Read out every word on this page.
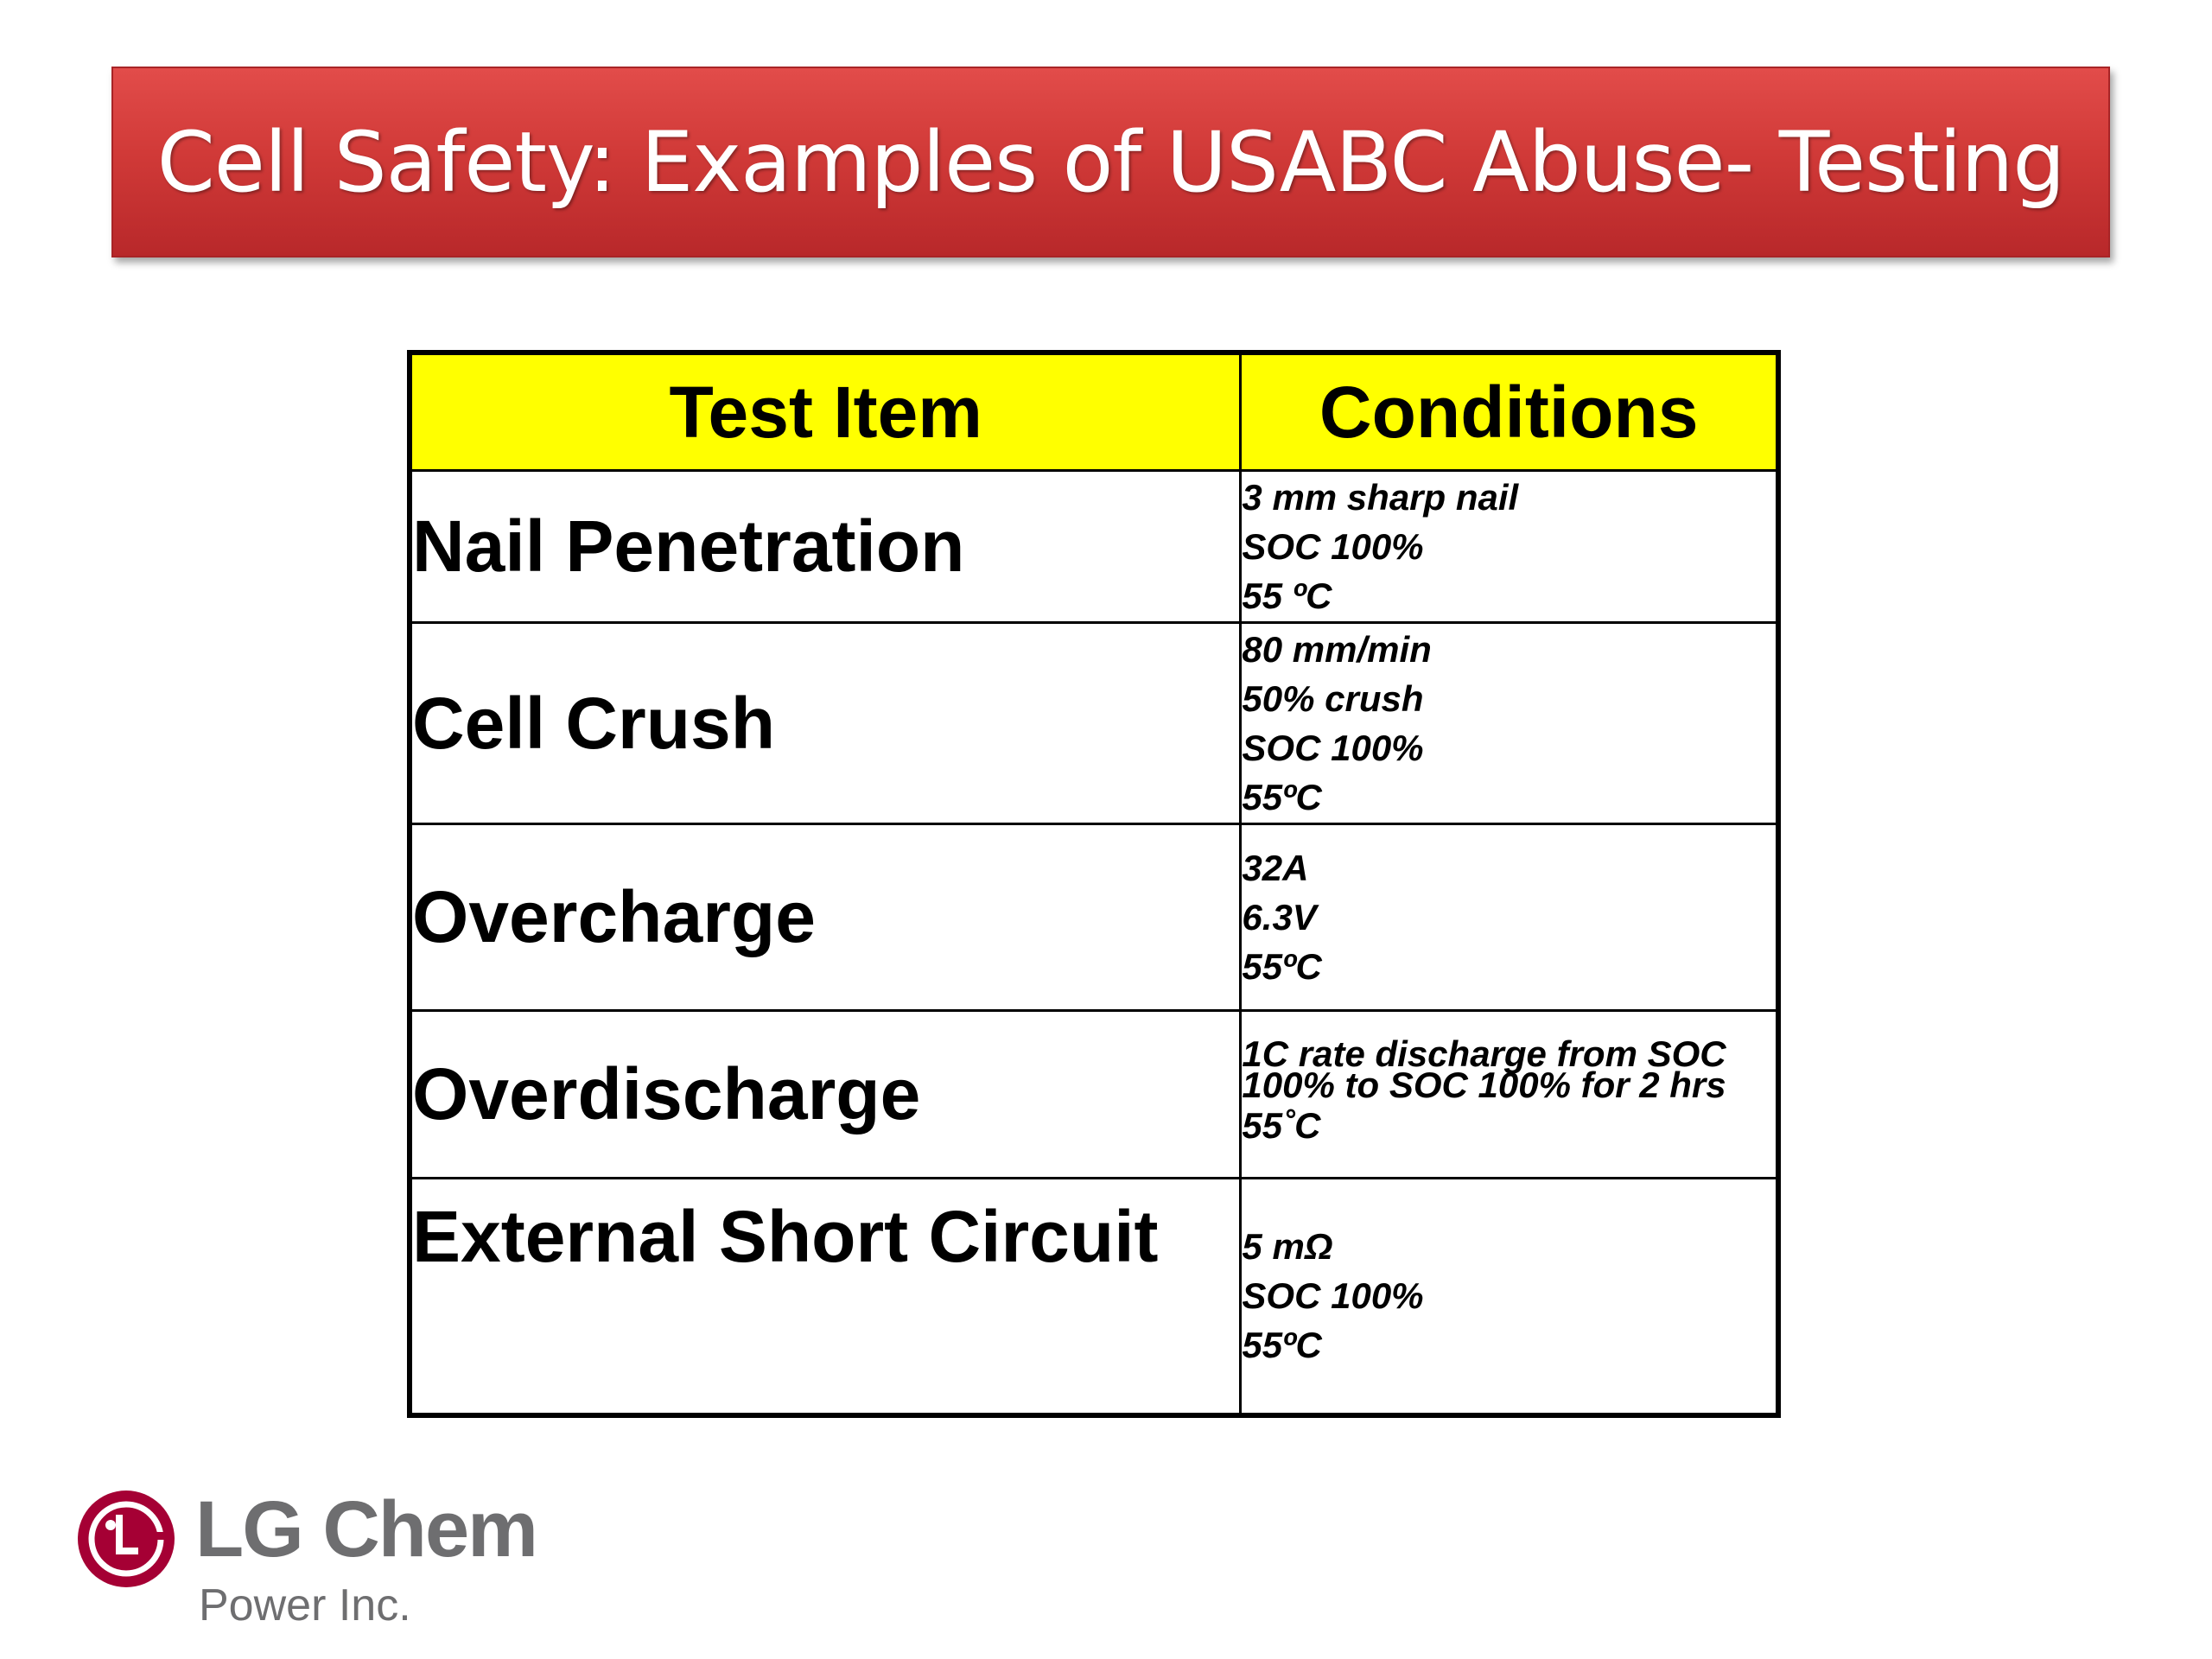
Cell Safety: Examples of USABC Abuse- Testing
Test Item	Conditions
Nail Penetration	3 mm sharp nail
SOC 100%
55 ºC

Cell Crush	80 mm/min
50% crush
SOC 100%
55ºC

Overcharge	32A
6.3V
55ºC

Overdischarge	1C rate discharge from SOC 100% to SOC 100% for 2 hrs
55˚C

External Short Circuit	5 mΩ
SOC 100%
55ºC
LG Chem
Power Inc.
